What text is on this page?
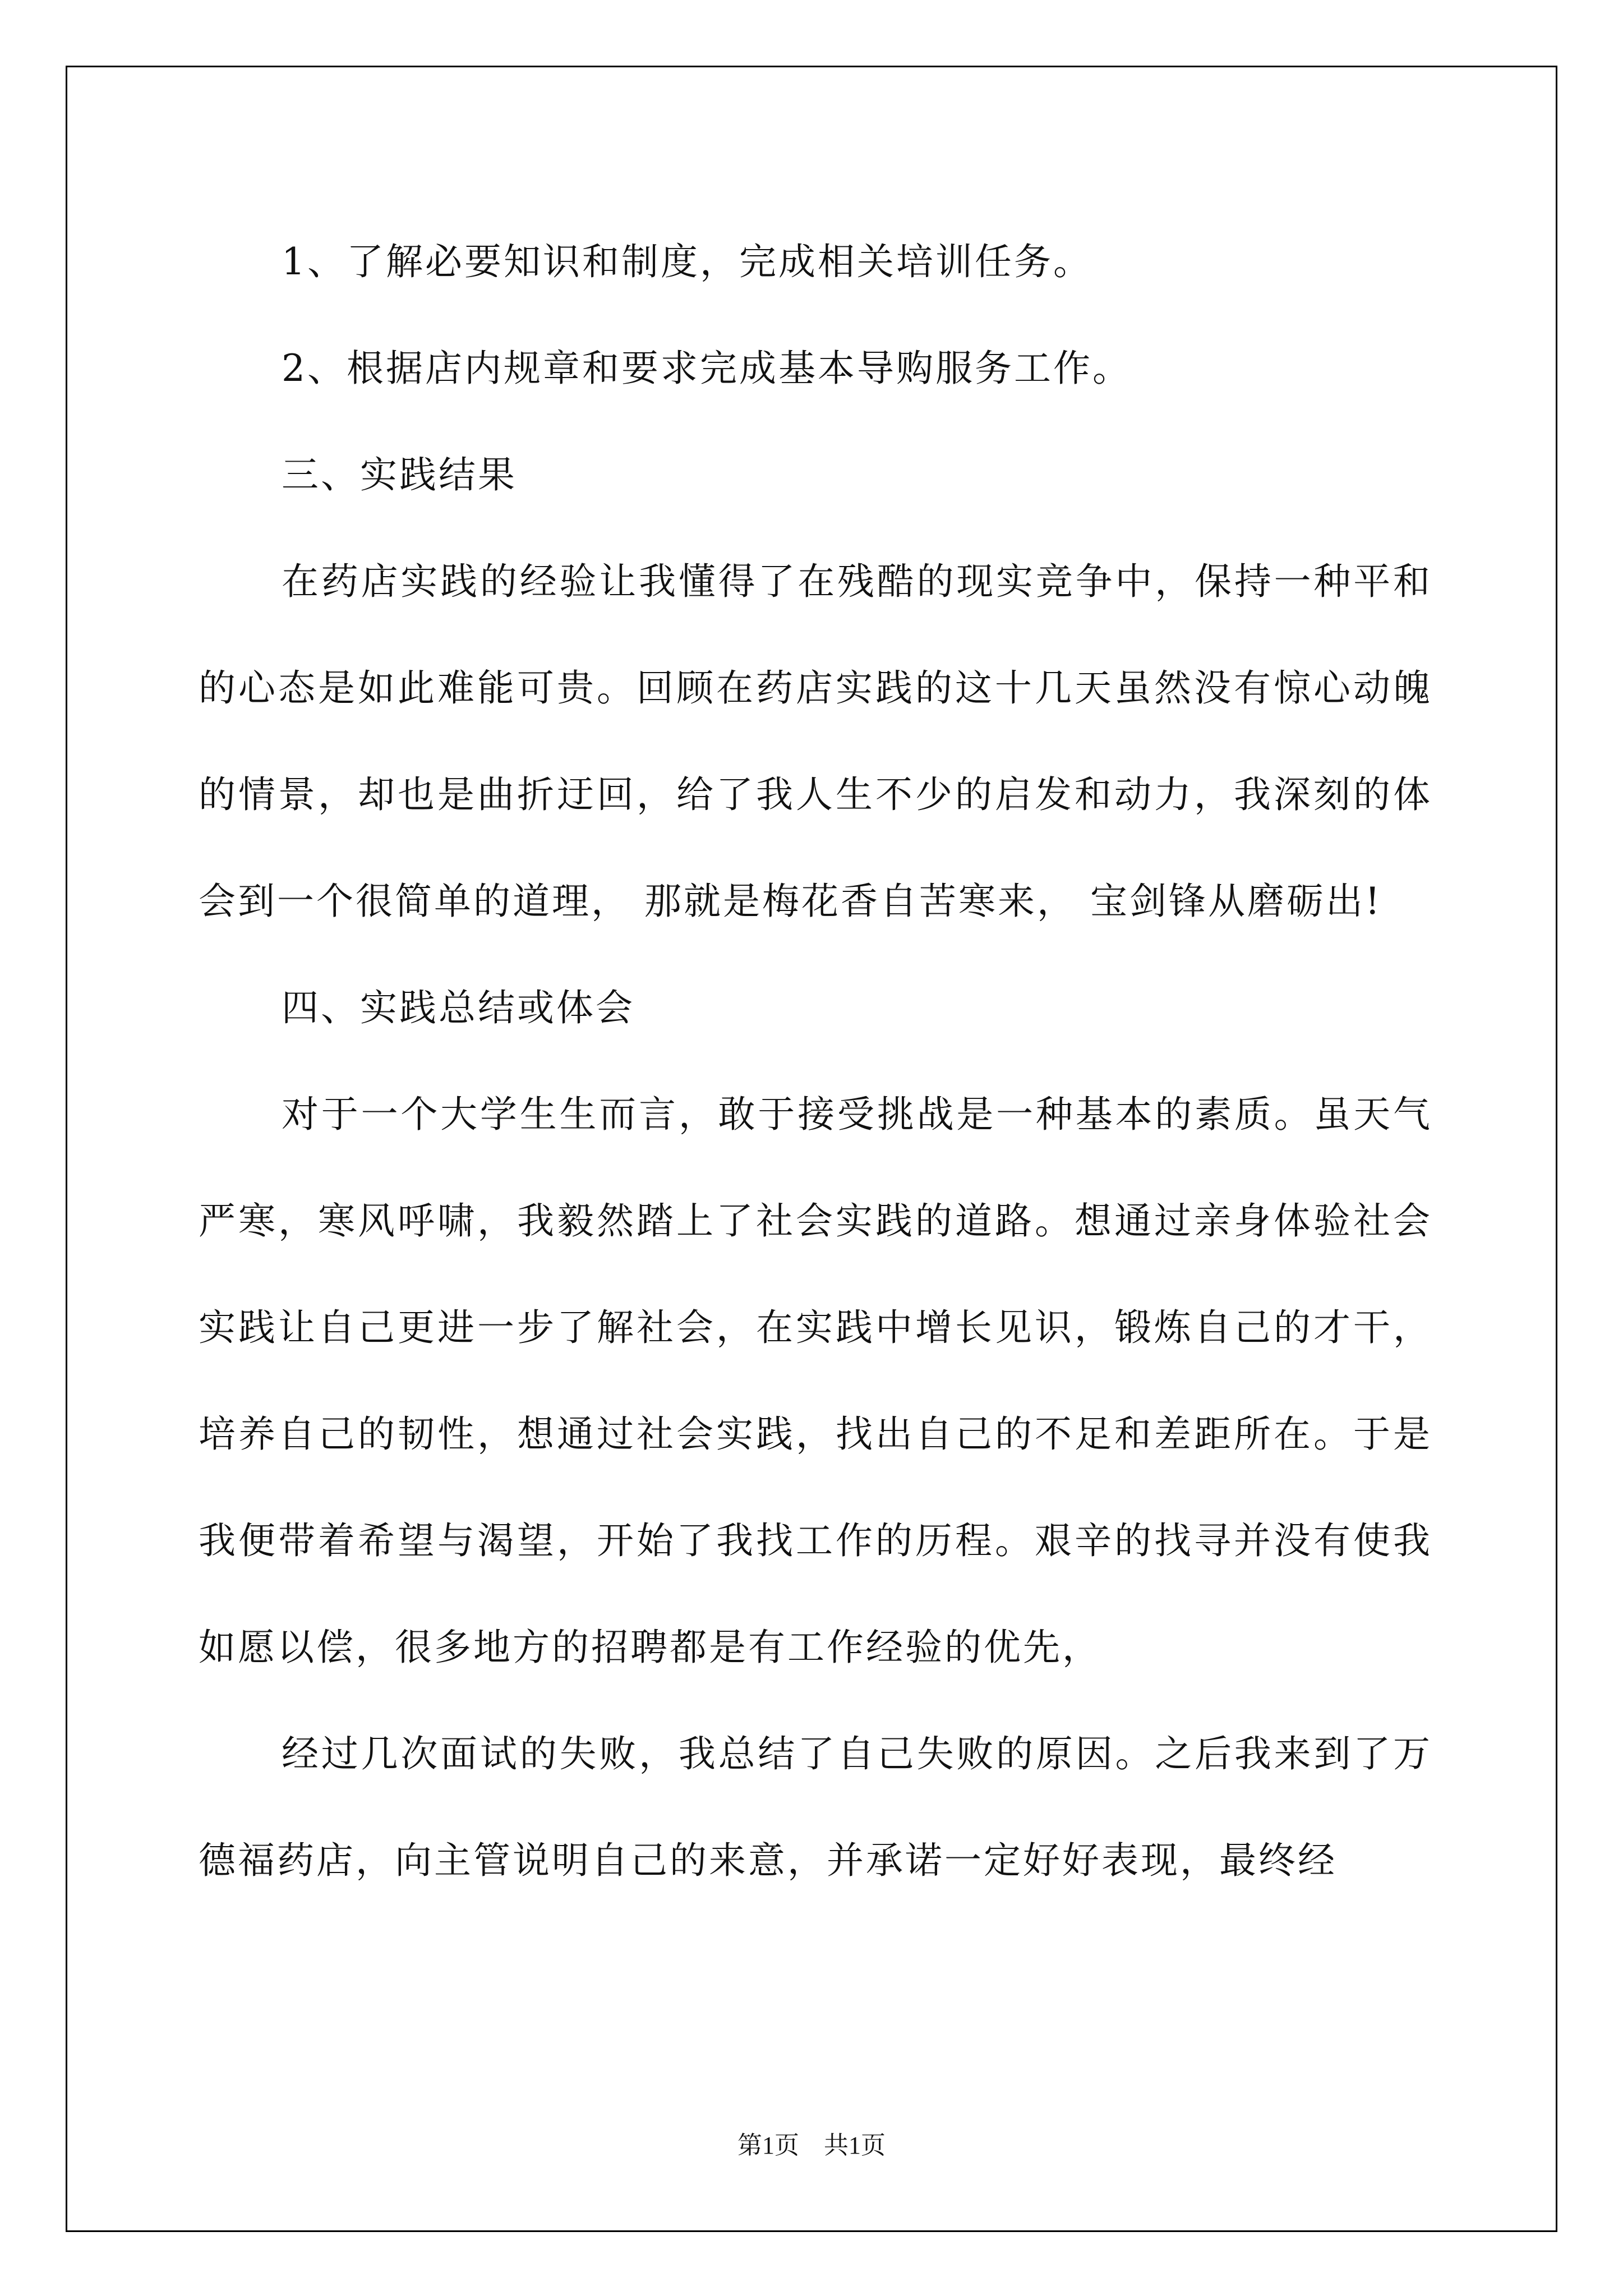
1、了解必要知识和制度，完成相关培训任务。

2、根据店内规章和要求完成基本导购服务工作。

三、实践结果

在药店实践的经验让我懂得了在残酷的现实竞争中，保持一种平和的心态是如此难能可贵。回顾在药店实践的这十几天虽然没有惊心动魄的情景，却也是曲折迂回，给了我人生不少的启发和动力，我深刻的体会到一个很简单的道理， 那就是梅花香自苦寒来， 宝剑锋从磨砺出!

四、实践总结或体会

对于一个大学生生而言，敢于接受挑战是一种基本的素质。虽天气严寒，寒风呼啸，我毅然踏上了社会实践的道路。想通过亲身体验社会实践让自己更进一步了解社会，在实践中增长见识，锻炼自己的才干，培养自己的韧性，想通过社会实践，找出自己的不足和差距所在。于是我便带着希望与渴望，开始了我找工作的历程。艰辛的找寻并没有使我如愿以偿，很多地方的招聘都是有工作经验的优先，

经过几次面试的失败，我总结了自己失败的原因。之后我来到了万德福药店，向主管说明自己的来意，并承诺一定好好表现，最终经

第1页 共1页
